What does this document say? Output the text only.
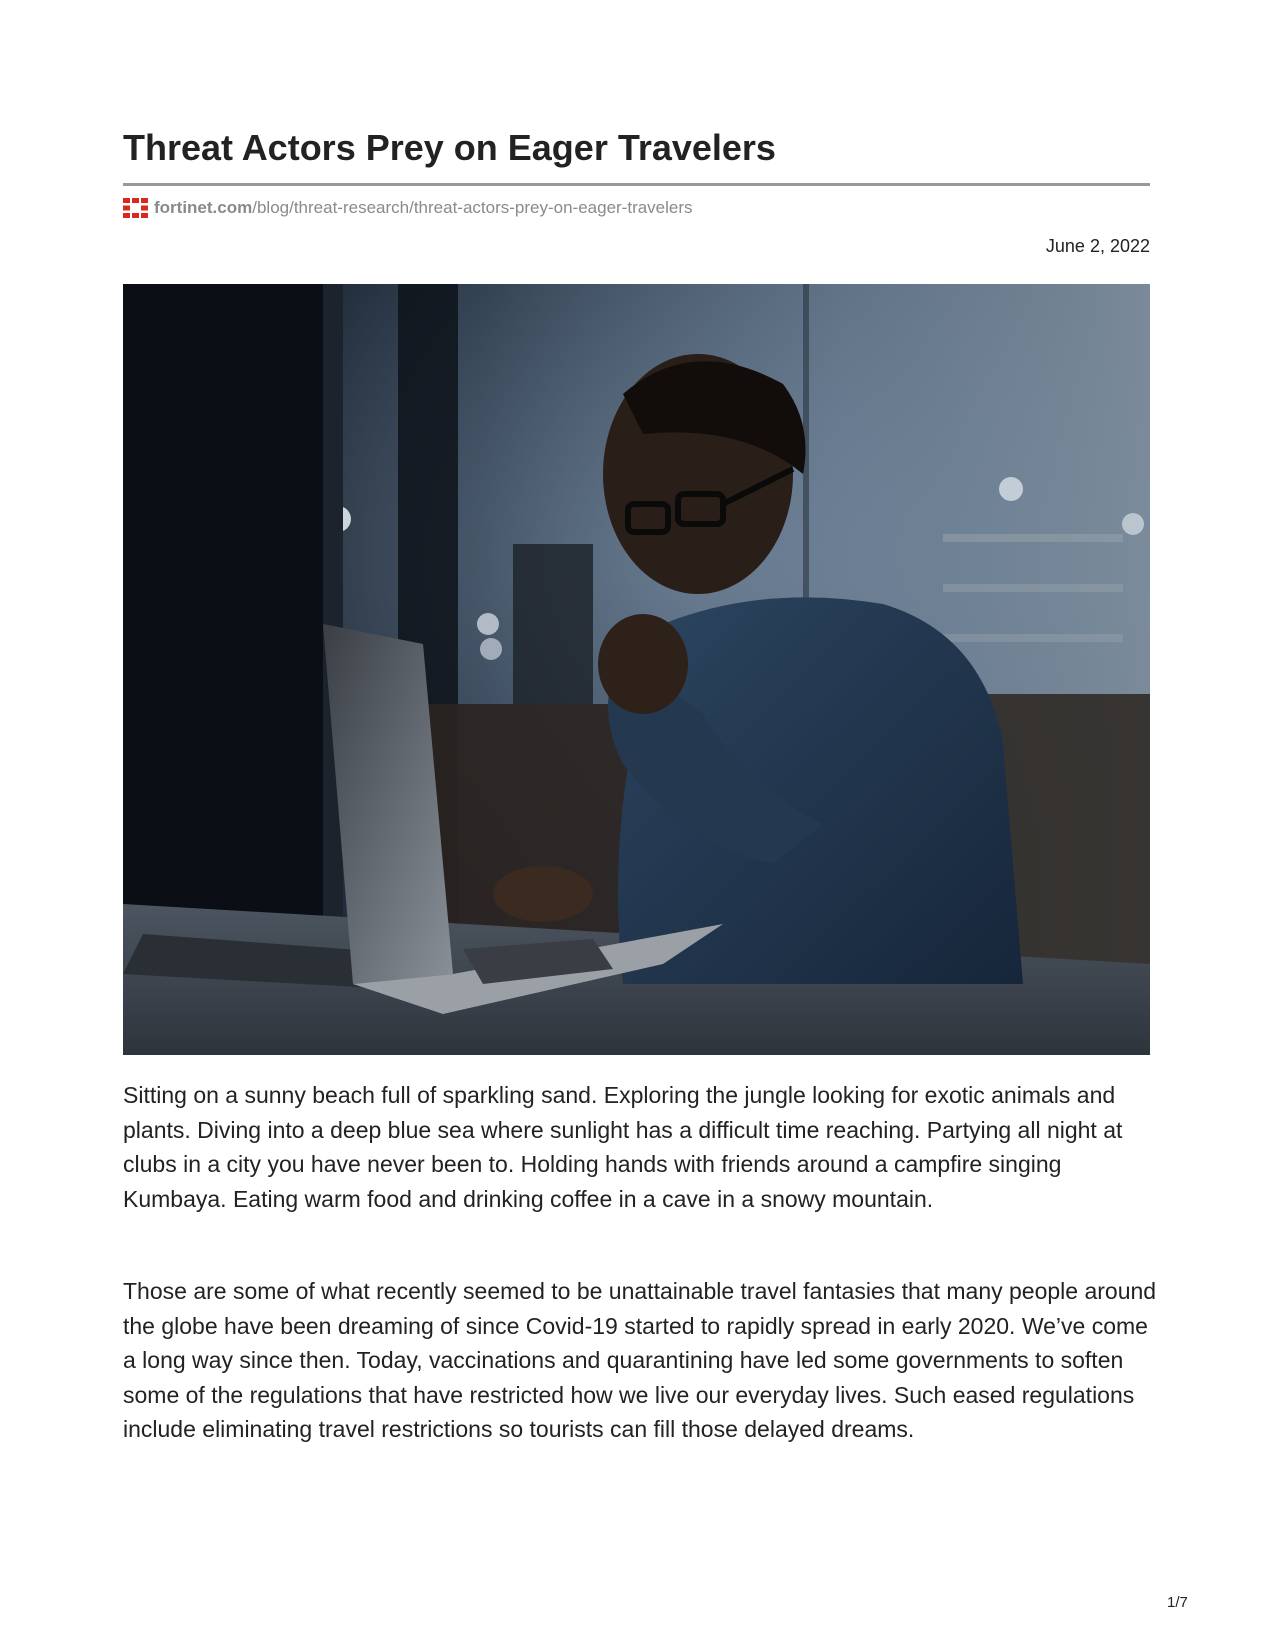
Threat Actors Prey on Eager Travelers
fortinet.com /blog/threat-research/threat-actors-prey-on-eager-travelers
June 2, 2022

Sitting on a sunny beach full of sparkling sand. Exploring the jungle looking for exotic animals and plants. Diving into a deep blue sea where sunlight has a difficult time reaching. Partying all night at clubs in a city you have never been to. Holding hands with friends around a campfire singing Kumbaya. Eating warm food and drinking coffee in a cave in a snowy mountain.

Those are some of what recently seemed to be unattainable travel fantasies that many people around the globe have been dreaming of since Covid-19 started to rapidly spread in early 2020. We’ve come a long way since then. Today, vaccinations and quarantining have led some governments to soften some of the regulations that have restricted how we live our everyday lives. Such eased regulations include eliminating travel restrictions so tourists can fill those delayed dreams.

1/7
